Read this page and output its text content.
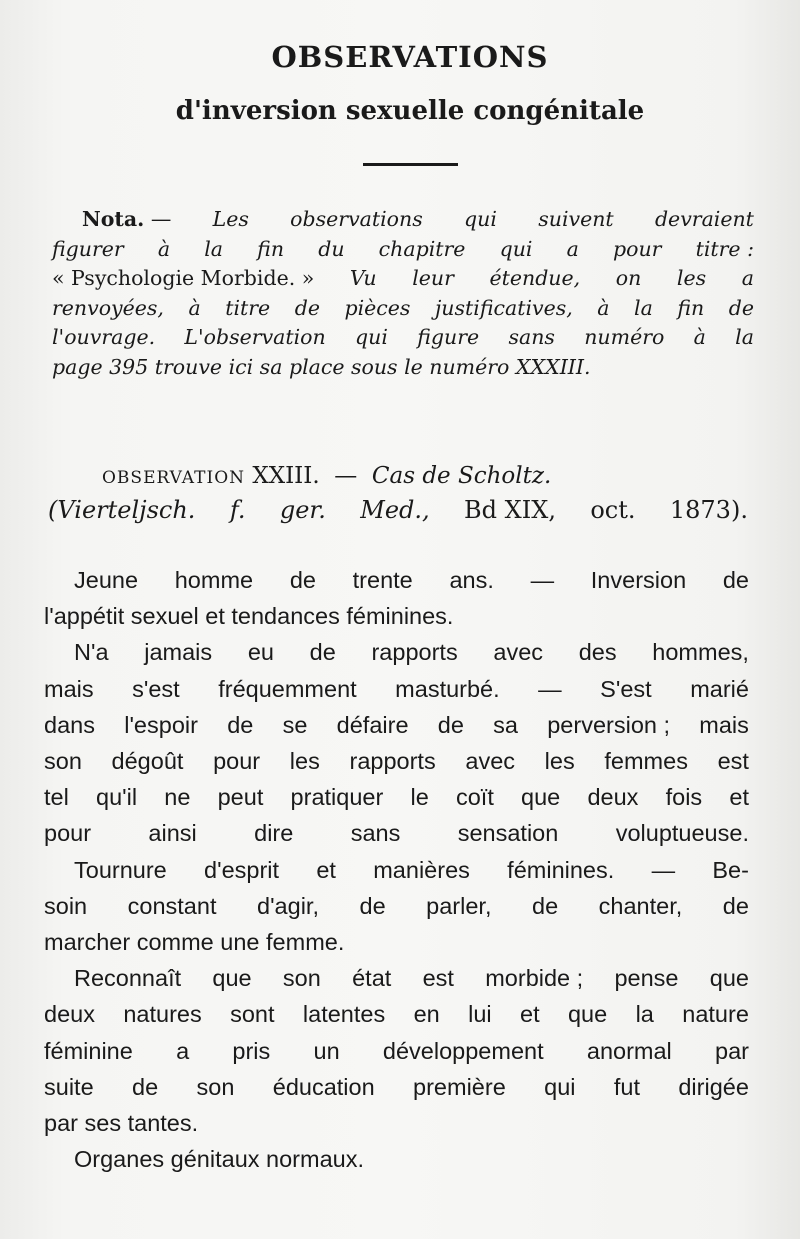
OBSERVATIONS
d'inversion sexuelle congénitale
Nota. — Les observations qui suivent devraient
figurer à la fin du chapitre qui a pour titre :
« Psychologie Morbide. » Vu leur étendue, on les a
renvoyées, à titre de pièces justificatives, à la fin de
l'ouvrage. L'observation qui figure sans numéro à la
page 395 trouve ici sa place sous le numéro XXXIII.
OBSERVATION XXIII. — Cas de Scholtz.
(Vierteljsch. f. ger. Med., Bd XIX, oct. 1873).
Jeune homme de trente ans. — Inversion de
l'appétit sexuel et tendances féminines.
N'a jamais eu de rapports avec des hommes,
mais s'est fréquemment masturbé. — S'est marié
dans l'espoir de se défaire de sa perversion ; mais
son dégoût pour les rapports avec les femmes est
tel qu'il ne peut pratiquer le coït que deux fois et
pour ainsi dire sans sensation voluptueuse.
Tournure d'esprit et manières féminines. — Be-
soin constant d'agir, de parler, de chanter, de
marcher comme une femme.
Reconnaît que son état est morbide ; pense que
deux natures sont latentes en lui et que la nature
féminine a pris un développement anormal par
suite de son éducation première qui fut dirigée
par ses tantes.
Organes génitaux normaux.
